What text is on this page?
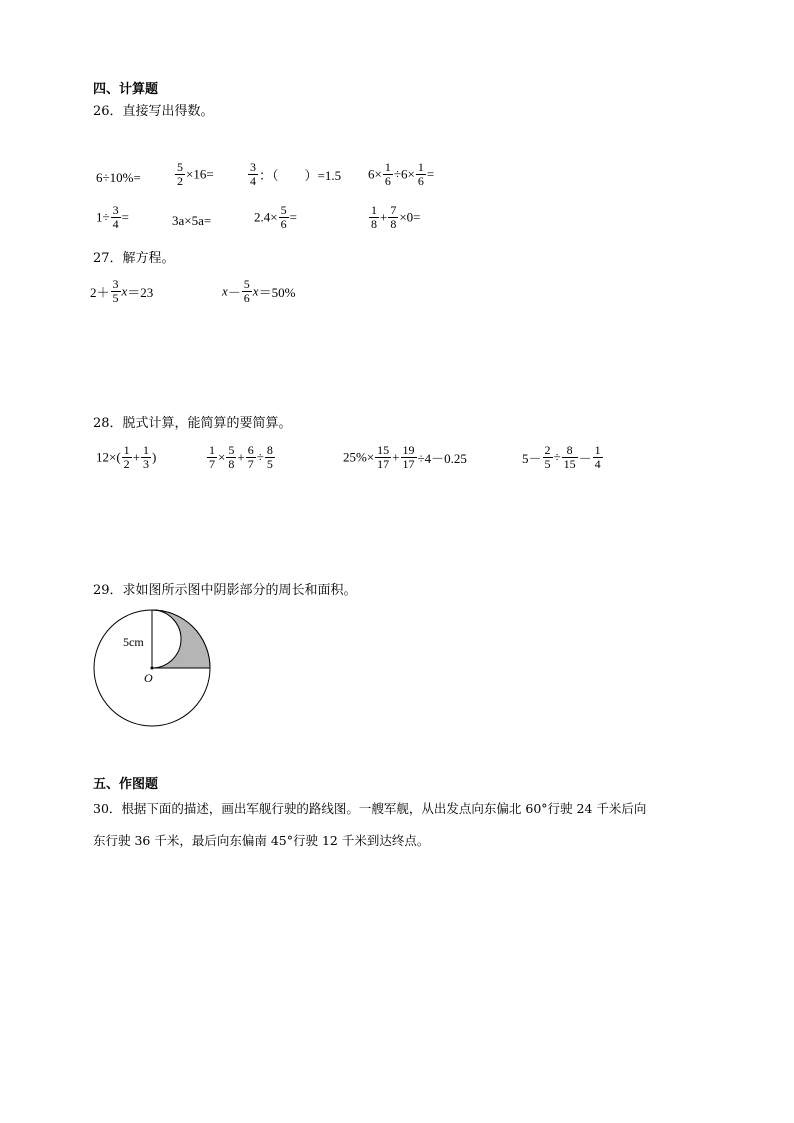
四、计算题
26．直接写出得数。
6÷10%=	$\frac{5}{2} \times 16=$	$\frac{3}{4}$ ：（　　）=1.5 $6\times \frac{1}{6} \div 6\times \frac{1}{6}$ =
$1\div \frac{3}{4}$ =	3a×5a=	$2.4\times \frac{5}{6}$ =	$\frac{1}{8} + \frac{7}{8} \times 0=$
27．解方程。
$2+ \frac{3}{5} x=23$	$x- \frac{5}{6} x=50\%$
28．脱式计算，能简算的要简算。
$12\times( \frac{1}{2} + \frac{1}{3}$ )	$\frac{1}{7} \times \frac{5}{8} + \frac{6}{7} \div \frac{8}{5}$	$25\%\times \frac{15}{17} + \frac{19}{17} \div 4-0.25$	$5- \frac{2}{5} \div \frac{8}{15} - \frac{1}{4}$
29．求如图所示图中阴影部分的周长和面积。
5cm
O
五、作图题
30．根据下面的描述，画出军舰行驶的路线图。一艘军舰，从出发点向东偏北 60°行驶 24 千米后向
东行驶 36 千米，最后向东偏南 45°行驶 12 千米到达终点。
